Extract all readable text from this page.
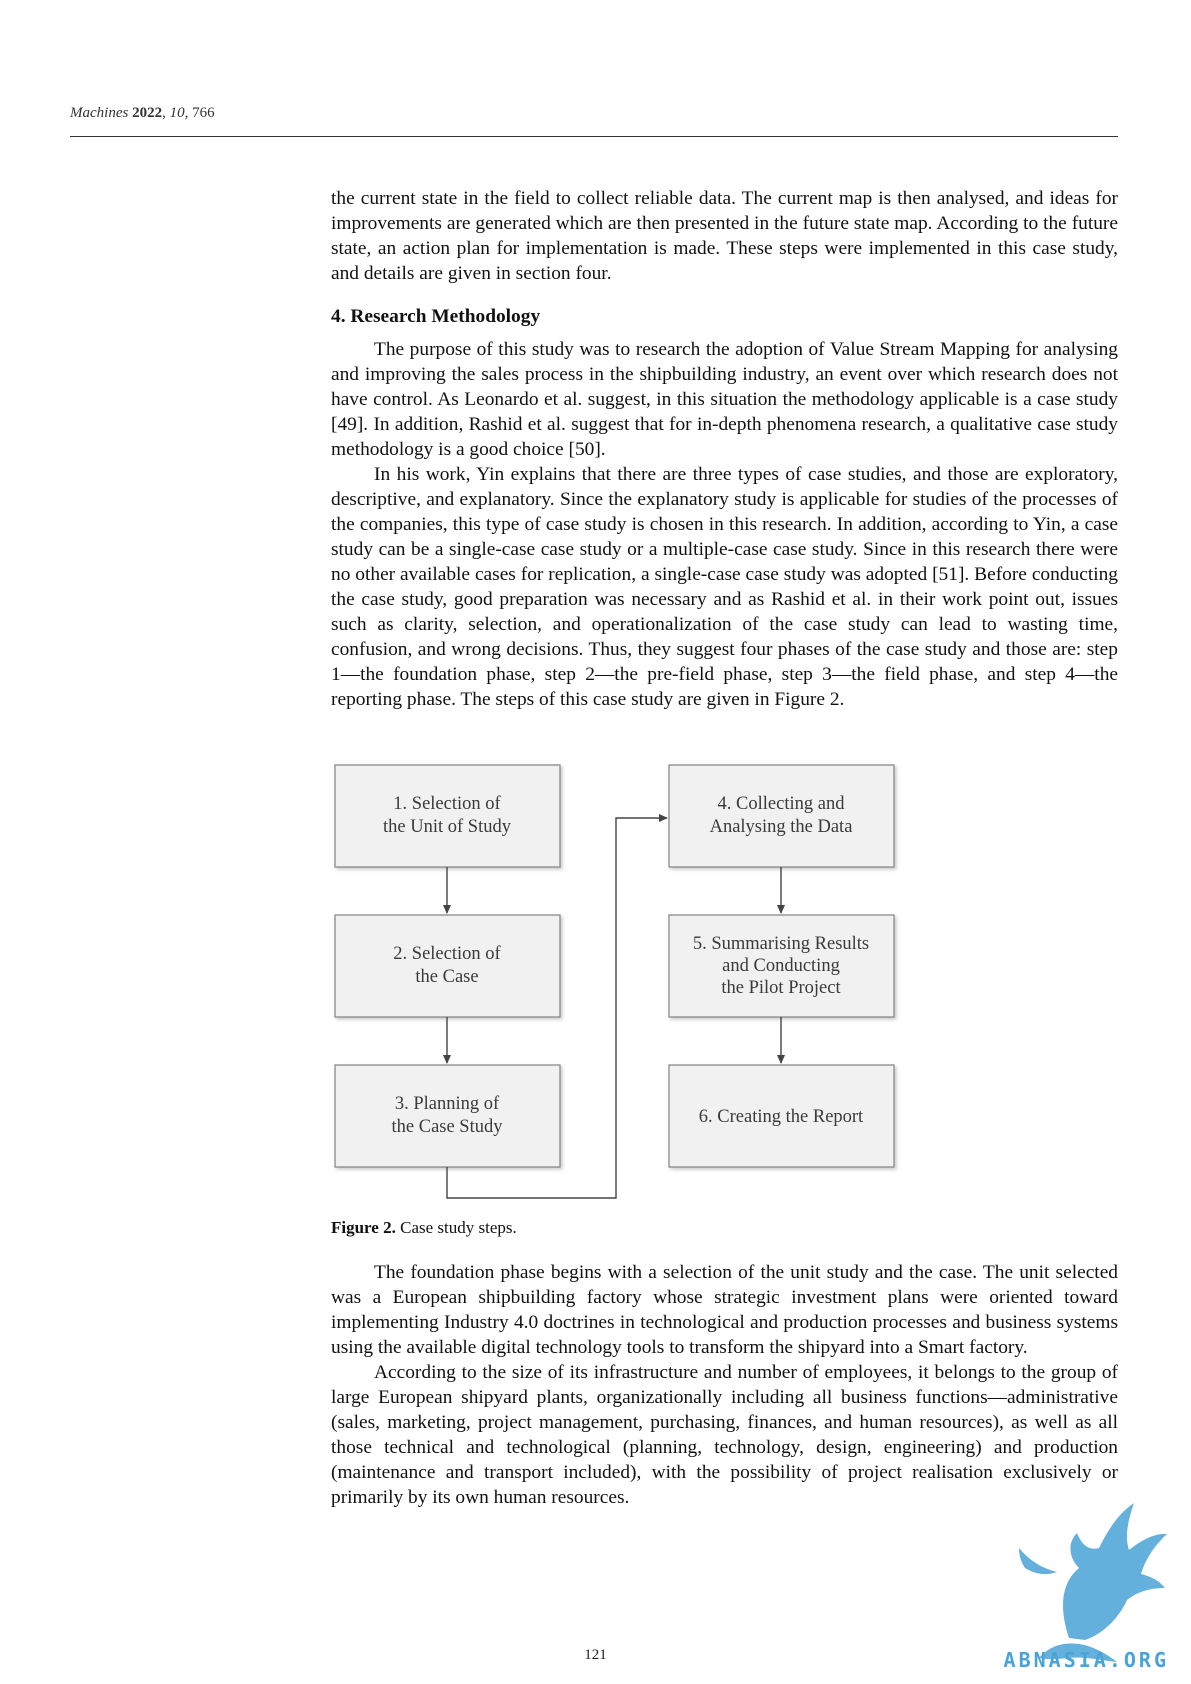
Machines 2022, 10, 766

the current state in the field to collect reliable data. The current map is then analysed, and ideas for improvements are generated which are then presented in the future state map. According to the future state, an action plan for implementation is made. These steps were implemented in this case study, and details are given in section four.

4. Research Methodology

The purpose of this study was to research the adoption of Value Stream Mapping for analysing and improving the sales process in the shipbuilding industry, an event over which research does not have control. As Leonardo et al. suggest, in this situation the methodology applicable is a case study [49]. In addition, Rashid et al. suggest that for in-depth phenomena research, a qualitative case study methodology is a good choice [50].

In his work, Yin explains that there are three types of case studies, and those are exploratory, descriptive, and explanatory. Since the explanatory study is applicable for studies of the processes of the companies, this type of case study is chosen in this research. In addition, according to Yin, a case study can be a single-case case study or a multiple-case case study. Since in this research there were no other available cases for replication, a single-case case study was adopted [51]. Before conducting the case study, good preparation was necessary and as Rashid et al. in their work point out, issues such as clarity, selection, and operationalization of the case study can lead to wasting time, confusion, and wrong decisions. Thus, they suggest four phases of the case study and those are: step 1—the foundation phase, step 2—the pre-field phase, step 3—the field phase, and step 4—the reporting phase. The steps of this case study are given in Figure 2.

1. Selection of
the Unit of Study
2. Selection of
the Case
3. Planning of
the Case Study
4. Collecting and
Analysing the Data
5. Summarising Results
and Conducting
the Pilot Project
6. Creating the Report
Figure 2. Case study steps.

The foundation phase begins with a selection of the unit study and the case. The unit selected was a European shipbuilding factory whose strategic investment plans were oriented toward implementing Industry 4.0 doctrines in technological and production processes and business systems using the available digital technology tools to transform the shipyard into a Smart factory.

According to the size of its infrastructure and number of employees, it belongs to the group of large European shipyard plants, organizationally including all business functions—administrative (sales, marketing, project management, purchasing, finances, and human resources), as well as all those technical and technological (planning, technology, design, engineering) and production (maintenance and transport included), with the possibility of project realisation exclusively or primarily by its own human resources.

121	ABNASIA.ORG
